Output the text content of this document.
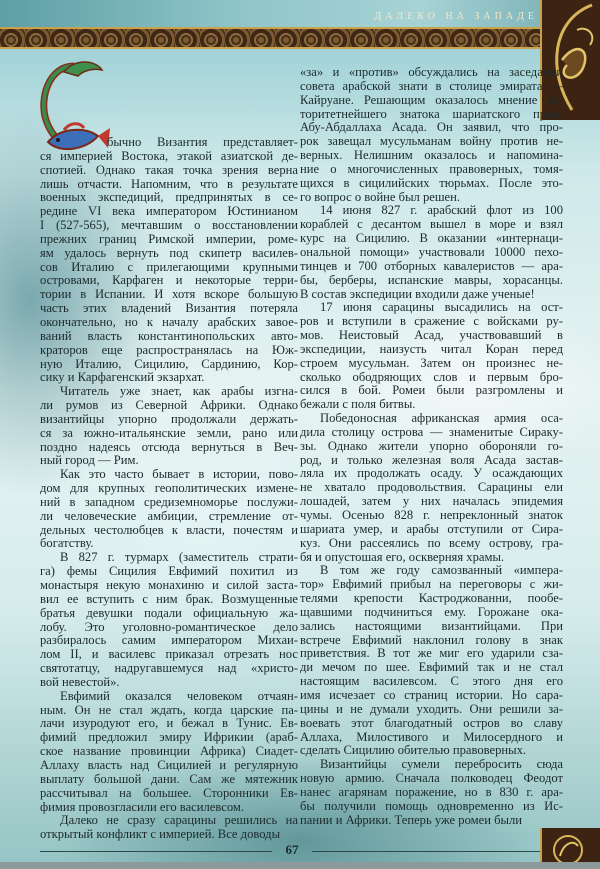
ДАЛЕКО НА ЗАПАДЕ
бычно Византия представляет-
ся империей Востока, этакой азиатской де-
спотией. Однако такая точка зрения верна
лишь отчасти. Напомним, что в результате
военных экспедиций, предпринятых в се-
редине VI века императором Юстинианом
I (527-565), мечтавшим о восстановлении
прежних границ Римской империи, роме-
ям удалось вернуть под скипетр василев-
сов Италию с прилегающими крупными
островами, Карфаген и некоторые терри-
тории в Испании. И хотя вскоре большую
часть этих владений Византия потеряла
окончательно, но к началу арабских завое-
ваний власть константинопольских авто-
краторов еще распространялась на Юж-
ную Италию, Сицилию, Сардинию, Кор-
сику и Карфагенский экзархат.
Читатель уже знает, как арабы изгна-
ли румов из Северной Африки. Однако
византийцы упорно продолжали держать-
ся за южно-итальянские земли, рано или
поздно надеясь отсюда вернуться в Веч-
ный город — Рим.
Как это часто бывает в истории, пово-
дом для крупных геополитических измене-
ний в западном средиземноморье послужи-
ли человеческие амбиции, стремление от-
дельных честолюбцев к власти, почестям и
богатству.
В 827 г. турмарх (заместитель страти-
га) фемы Сицилия Евфимий похитил из
монастыря некую монахиню и силой заста-
вил ее вступить с ним брак. Возмущенные
братья девушки подали официальную жа-
лобу. Это уголовно-романтическое дело
разбиралось самим императором Михаи-
лом II, и василевс приказал отрезать нос
святотатцу, надругавшемуся над «христо-
вой невестой».
Евфимий оказался человеком отчаян-
ным. Он не стал ждать, когда царские па-
лачи изуродуют его, и бежал в Тунис. Ев-
фимий предложил эмиру Ифрикии (араб-
ское название провинции Африка) Сиадет-
Аллаху власть над Сицилией и регулярную
выплату большой дани. Сам же мятежник
рассчитывал на большее. Сторонники Ев-
фимия провозгласили его василевсом.
Далеко не сразу сарацины решились на
открытый конфликт с империей. Все доводы
«за» и «против» обсуждались на заседании
совета арабской знати в столице эмирата —
Кайруане. Решающим оказалось мнение ав-
торитетнейшего знатока шариатского права
Абу-Абдаллаха Асада. Он заявил, что про-
рок завещал мусульманам войну против не-
верных. Нелишним оказалось и напомина-
ние о многочисленных правоверных, томя-
щихся в сицилийских тюрьмах. После это-
го вопрос о войне был решен.
14 июня 827 г. арабский флот из 100
кораблей с десантом вышел в море и взял
курс на Сицилию. В оказании «интернаци-
ональной помощи» участвовали 10000 пехо-
тинцев и 700 отборных кавалеристов — ара-
бы, берберы, испанские мавры, хорасанцы.
В состав экспедиции входили даже ученые!
17 июня сарацины высадились на ост-
ров и вступили в сражение с войсками ру-
мов. Неистовый Асад, участвовавший в
экспедиции, наизусть читал Коран перед
строем мусульман. Затем он произнес не-
сколько ободряющих слов и первым бро-
сился в бой. Ромеи были разгромлены и
бежали с поля битвы.
Победоносная африканская армия оса-
дила столицу острова — знаменитые Сираку-
зы. Однако жители упорно обороняли го-
род, и только железная воля Асада застав-
ляла их продолжать осаду. У осаждающих
не хватало продовольствия. Сарацины ели
лошадей, затем у них началась эпидемия
чумы. Осенью 828 г. непреклонный знаток
шариата умер, и арабы отступили от Сира-
куз. Они рассеялись по всему острову, гра-
бя и опустошая его, оскверняя храмы.
В том же году самозванный «импера-
тор» Евфимий прибыл на переговоры с жи-
телями крепости Кастроджованни, пообе-
щавшими подчиниться ему. Горожане ока-
зались настоящими византийцами. При
встрече Евфимий наклонил голову в знак
приветствия. В тот же миг его ударили сза-
ди мечом по шее. Евфимий так и не стал
настоящим василевсом. С этого дня его
имя исчезает со страниц истории. Но сара-
цины и не думали уходить. Они решили за-
воевать этот благодатный остров во славу
Аллаха, Милостивого и Милосердного и
сделать Сицилию обителью правоверных.
Византийцы сумели перебросить сюда
новую армию. Сначала полководец Феодот
нанес агарянам поражение, но в 830 г. ара-
бы получили помощь одновременно из Ис-
пании и Африки. Теперь уже ромеи были
67
